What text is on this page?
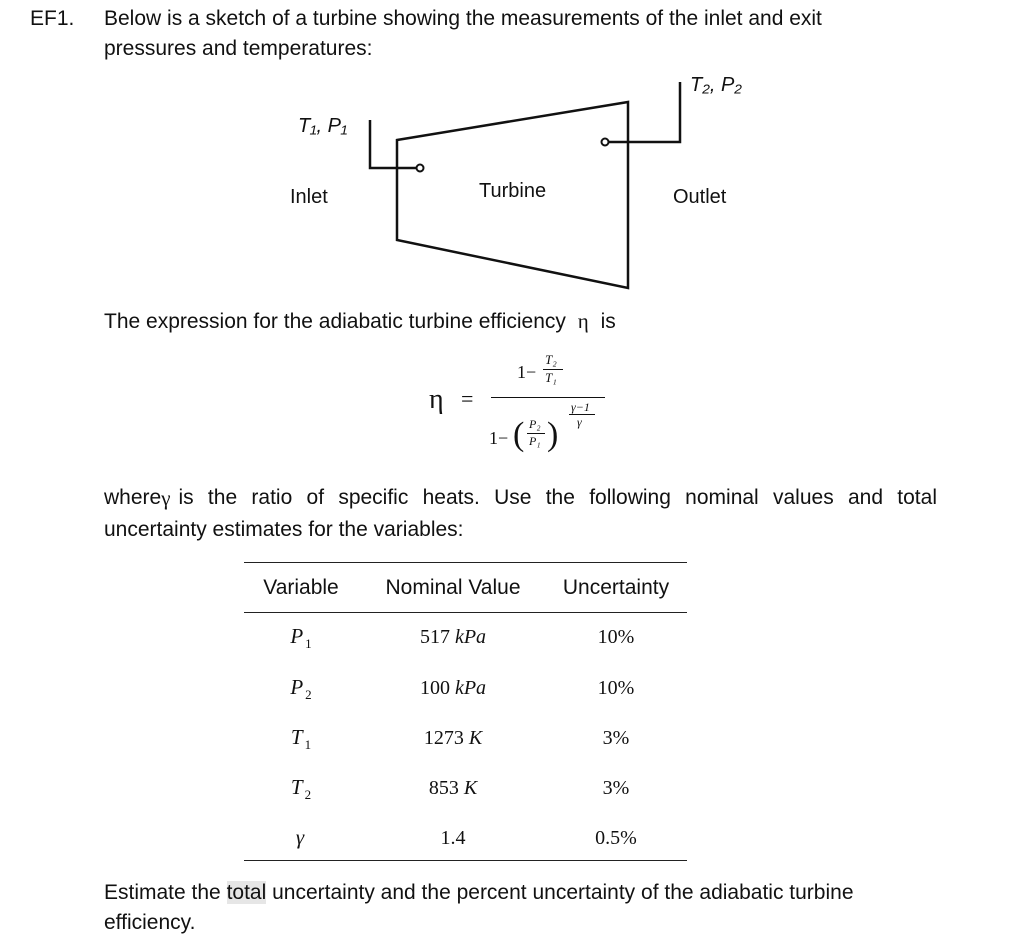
EF1. Below is a sketch of a turbine showing the measurements of the inlet and exit
pressures and temperatures:
T₁, P₁
Inlet	Turbine
T₂, P₂
Outlet
The expression for the adiabatic turbine efficiency η is
η =
1−
T₂
T₁
1− ( P₂
P₁ )
γ−1
γ
where γ is the ratio of specific heats. Use the following nominal values and total
uncertainty estimates for the variables:
Variable	Nominal Value	Uncertainty
P $_1$	517 kPa	10%
P $_2$	100 kPa	10%
T $_1$	1273 K	3%
T $_2$	853 K	3%
γ	1.4	0.5%
Estimate the total uncertainty and the percent uncertainty of the adiabatic turbine
efficiency.
